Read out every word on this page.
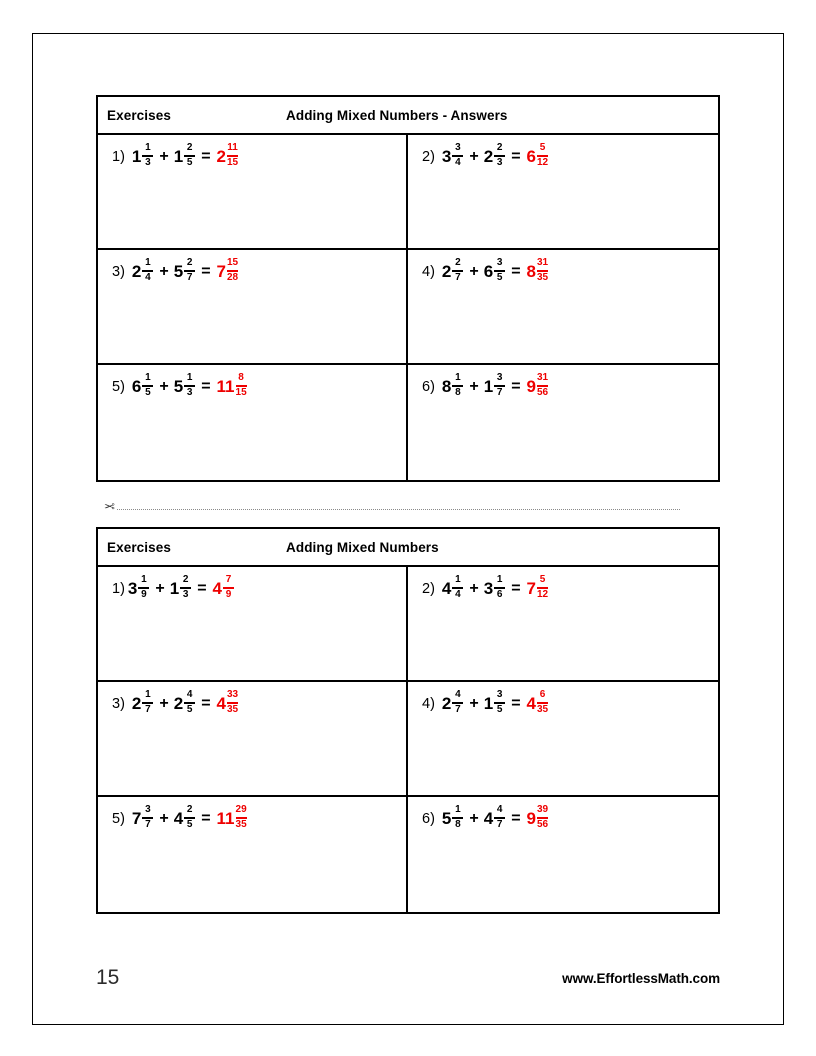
Exercises	Adding Mixed Numbers - Answers
1) $1 \frac{1}{3} + 1 \frac{2}{5} = 2 \frac{11}{15}$	2) $3 \frac{3}{4} + 2 \frac{2}{3} = 6 \frac{5}{12}$
3) $2 \frac{1}{4} + 5 \frac{2}{7} = 7 \frac{15}{28}$	4) $2 \frac{2}{7} + 6 \frac{3}{5} = 8 \frac{31}{35}$
5) $6 \frac{1}{5} + 5 \frac{1}{3} = 11 \frac{8}{15}$	6) $8 \frac{1}{8} + 1 \frac{3}{7} = 9 \frac{31}{56}$
✂
Exercises	Adding Mixed Numbers
1) $3 \frac{1}{9} + 1 \frac{2}{3} = 4 \frac{7}{9}$	2) $4 \frac{1}{4} + 3 \frac{1}{6} = 7 \frac{5}{12}$
3) $2 \frac{1}{7} + 2 \frac{4}{5} = 4 \frac{33}{35}$	4) $2 \frac{4}{7} + 1 \frac{3}{5} = 4 \frac{6}{35}$
5) $7 \frac{3}{7} + 4 \frac{2}{5} = 11 \frac{29}{35}$	6) $5 \frac{1}{8} + 4 \frac{4}{7} = 9 \frac{39}{56}$
15	www.EffortlessMath.com
